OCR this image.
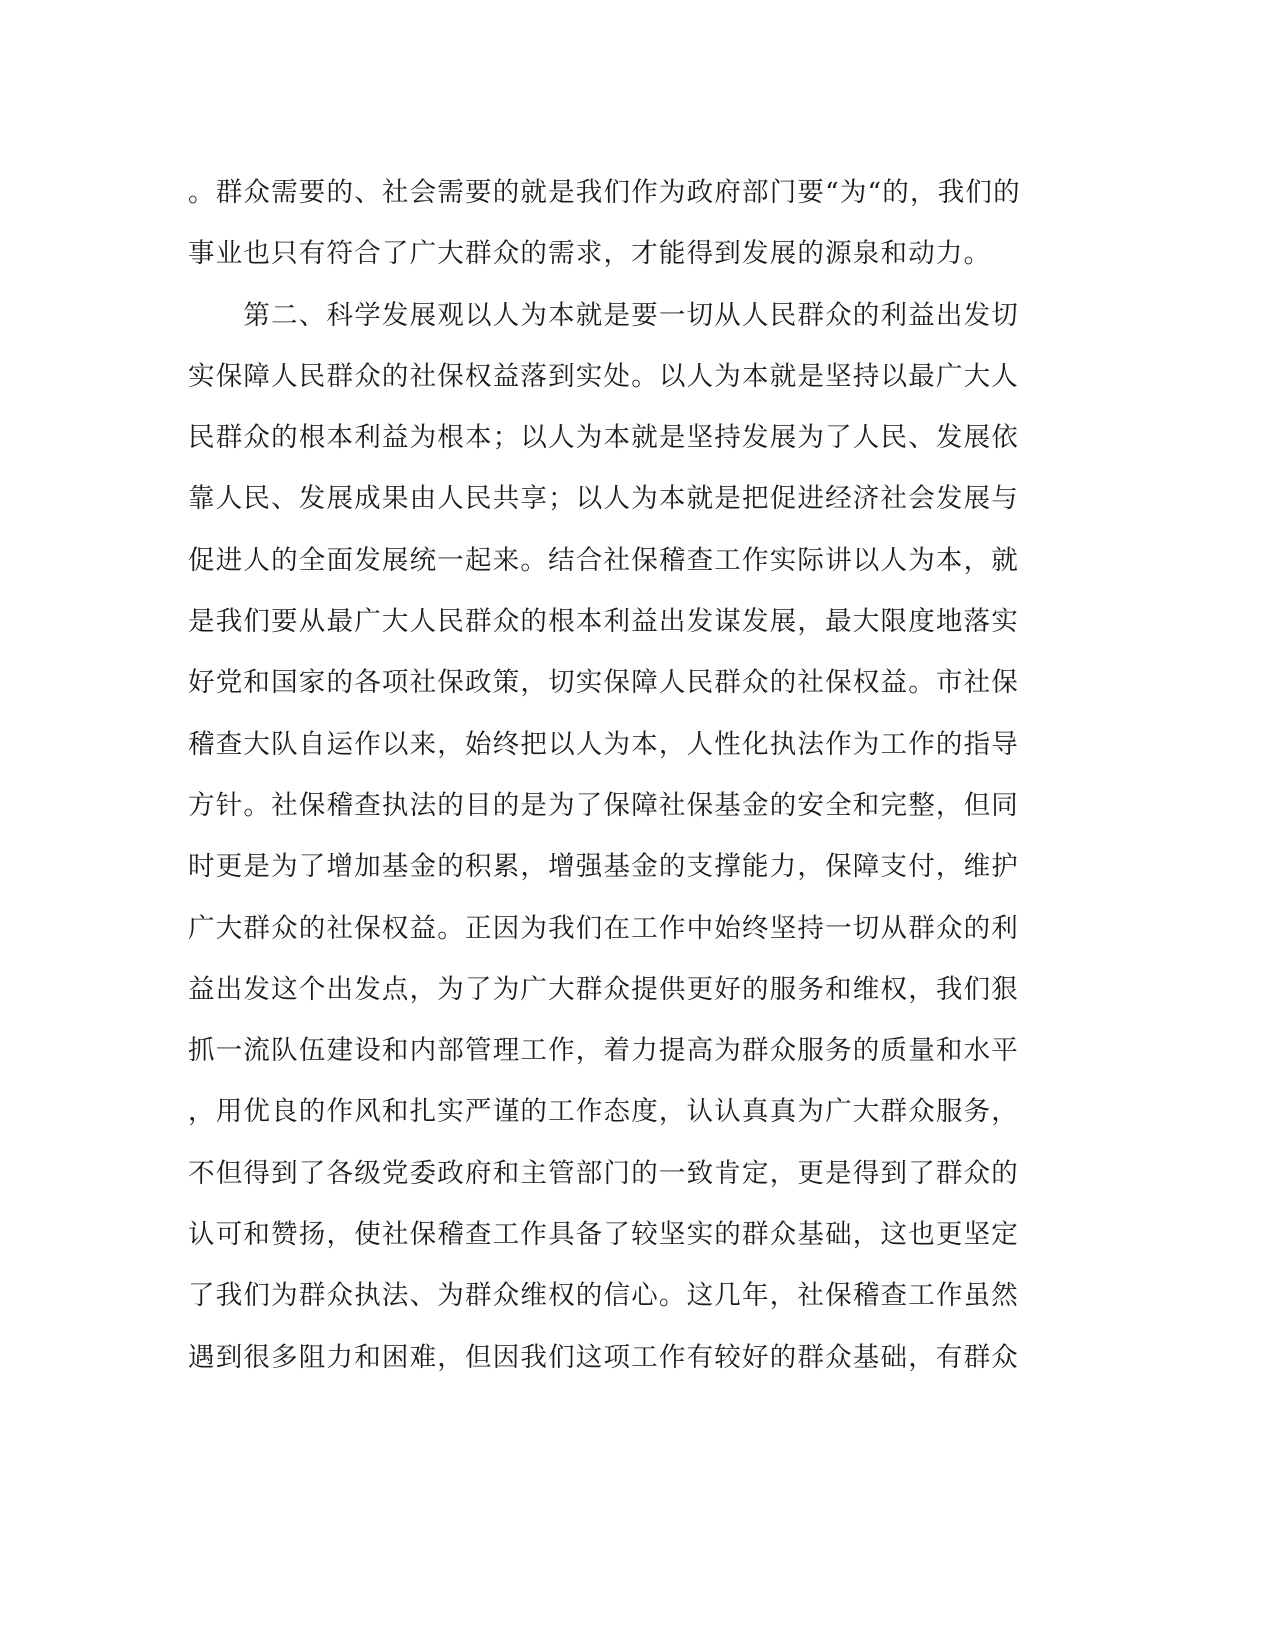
。群众需要的、社会需要的就是我们作为政府部门要“为“的，我们的
事业也只有符合了广大群众的需求，才能得到发展的源泉和动力。
　　第二、科学发展观以人为本就是要一切从人民群众的利益出发切
实保障人民群众的社保权益落到实处。以人为本就是坚持以最广大人
民群众的根本利益为根本；以人为本就是坚持发展为了人民、发展依
靠人民、发展成果由人民共享；以人为本就是把促进经济社会发展与
促进人的全面发展统一起来。结合社保稽查工作实际讲以人为本，就
是我们要从最广大人民群众的根本利益出发谋发展，最大限度地落实
好党和国家的各项社保政策，切实保障人民群众的社保权益。市社保
稽查大队自运作以来，始终把以人为本，人性化执法作为工作的指导
方针。社保稽查执法的目的是为了保障社保基金的安全和完整，但同
时更是为了增加基金的积累，增强基金的支撑能力，保障支付，维护
广大群众的社保权益。正因为我们在工作中始终坚持一切从群众的利
益出发这个出发点，为了为广大群众提供更好的服务和维权，我们狠
抓一流队伍建设和内部管理工作，着力提高为群众服务的质量和水平
，用优良的作风和扎实严谨的工作态度，认认真真为广大群众服务，
不但得到了各级党委政府和主管部门的一致肯定，更是得到了群众的
认可和赞扬，使社保稽查工作具备了较坚实的群众基础，这也更坚定
了我们为群众执法、为群众维权的信心。这几年，社保稽查工作虽然
遇到很多阻力和困难，但因我们这项工作有较好的群众基础，有群众
